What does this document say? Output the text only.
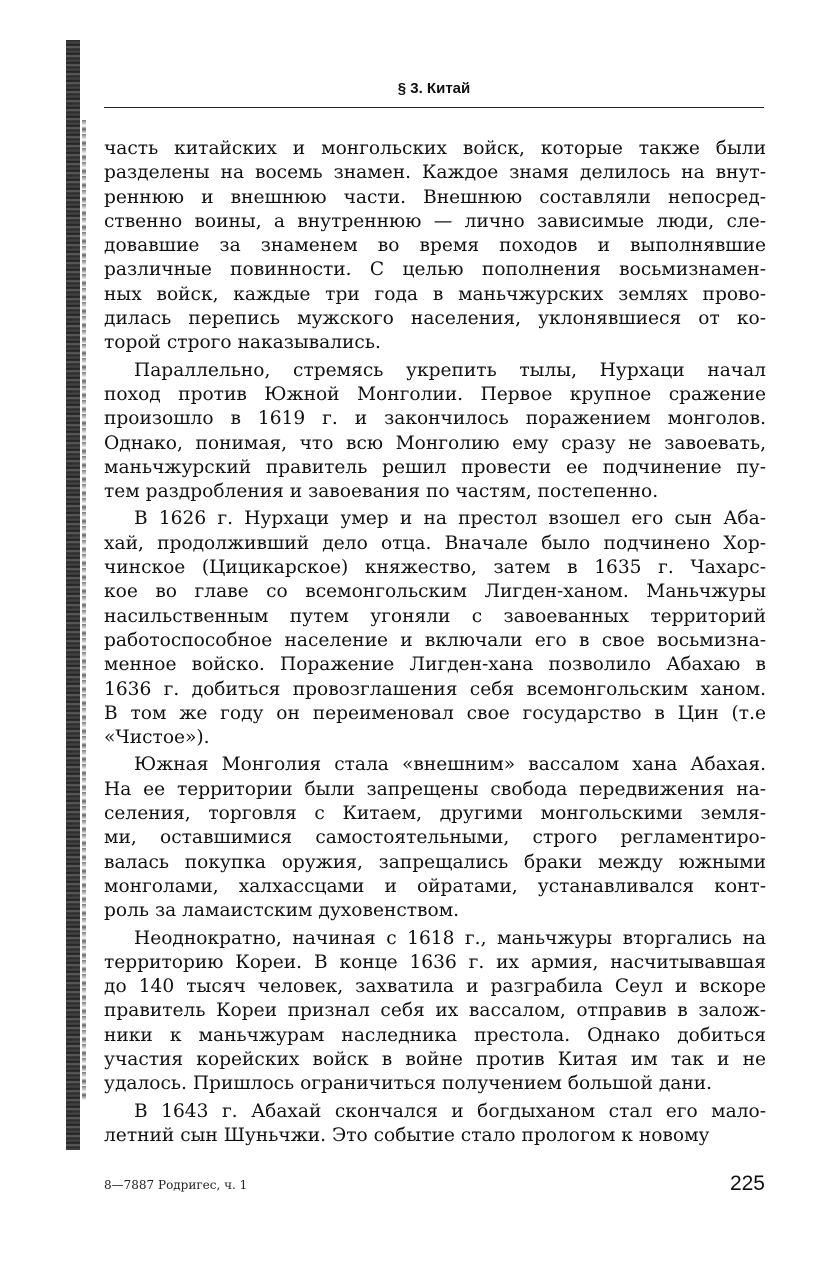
§ 3. Китай
часть китайских и монгольских войск, которые также были
разделены на восемь знамен. Каждое знамя делилось на внут-
реннюю и внешнюю части. Внешнюю составляли непосред-
ственно воины, а внутреннюю — лично зависимые люди, сле-
довавшие за знаменем во время походов и выполнявшие
различные повинности. С целью пополнения восьмизнамен-
ных войск, каждые три года в маньчжурских землях прово-
дилась перепись мужского населения, уклонявшиеся от ко-
торой строго наказывались.
Параллельно, стремясь укрепить тылы, Нурхаци начал
поход против Южной Монголии. Первое крупное сражение
произошло в 1619 г. и закончилось поражением монголов.
Однако, понимая, что всю Монголию ему сразу не завоевать,
маньчжурский правитель решил провести ее подчинение пу-
тем раздробления и завоевания по частям, постепенно.
В 1626 г. Нурхаци умер и на престол взошел его сын Аба-
хай, продолживший дело отца. Вначале было подчинено Хор-
чинское (Цицикарское) княжество, затем в 1635 г. Чахарс-
кое во главе со всемонгольским Лигден-ханом. Маньчжуры
насильственным путем угоняли с завоеванных территорий
работоспособное население и включали его в свое восьмизна-
менное войско. Поражение Лигден-хана позволило Абахаю в
1636 г. добиться провозглашения себя всемонгольским ханом.
В том же году он переименовал свое государство в Цин (т.е
«Чистое»).
Южная Монголия стала «внешним» вассалом хана Абахая.
На ее территории были запрещены свобода передвижения на-
селения, торговля с Китаем, другими монгольскими земля-
ми, оставшимися самостоятельными, строго регламентиро-
валась покупка оружия, запрещались браки между южными
монголами, халхассцами и ойратами, устанавливался конт-
роль за ламаистским духовенством.
Неоднократно, начиная с 1618 г., маньчжуры вторгались на
территорию Кореи. В конце 1636 г. их армия, насчитывавшая
до 140 тысяч человек, захватила и разграбила Сеул и вскоре
правитель Кореи признал себя их вассалом, отправив в залож-
ники к маньчжурам наследника престола. Однако добиться
участия корейских войск в войне против Китая им так и не
удалось. Пришлось ограничиться получением большой дани.
В 1643 г. Абахай скончался и богдыханом стал его мало-
летний сын Шуньчжи. Это событие стало прологом к новому
8—7887 Родригес, ч. 1	225
